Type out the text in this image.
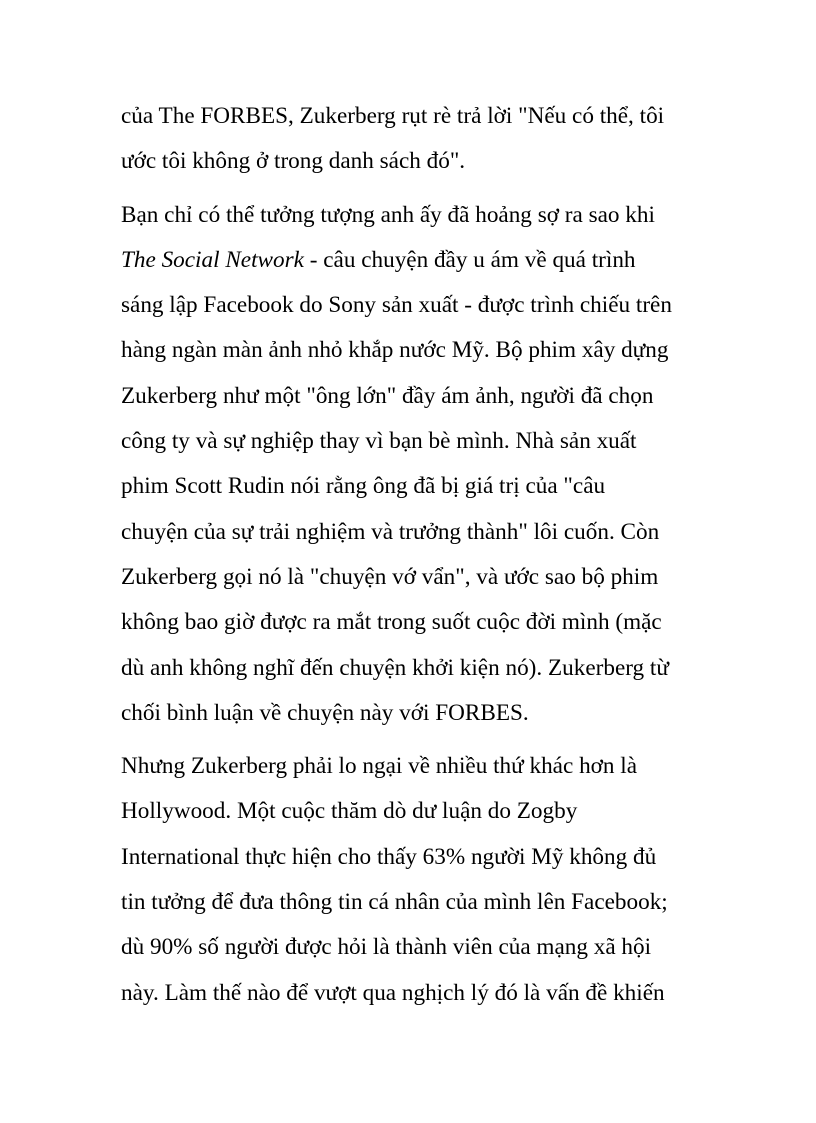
của The FORBES, Zukerberg rụt rè trả lời "Nếu có thể, tôi
ước tôi không ở trong danh sách đó".

Bạn chỉ có thể tưởng tượng anh ấy đã hoảng sợ ra sao khi
The Social Network - câu chuyện đầy u ám về quá trình
sáng lập Facebook do Sony sản xuất - được trình chiếu trên
hàng ngàn màn ảnh nhỏ khắp nước Mỹ. Bộ phim xây dựng
Zukerberg như một "ông lớn" đầy ám ảnh, người đã chọn
công ty và sự nghiệp thay vì bạn bè mình. Nhà sản xuất
phim Scott Rudin nói rằng ông đã bị giá trị của "câu
chuyện của sự trải nghiệm và trưởng thành" lôi cuốn. Còn
Zukerberg gọi nó là "chuyện vớ vẩn", và ước sao bộ phim
không bao giờ được ra mắt trong suốt cuộc đời mình (mặc
dù anh không nghĩ đến chuyện khởi kiện nó). Zukerberg từ
chối bình luận về chuyện này với FORBES.

Nhưng Zukerberg phải lo ngại về nhiều thứ khác hơn là
Hollywood. Một cuộc thăm dò dư luận do Zogby
International thực hiện cho thấy 63% người Mỹ không đủ
tin tưởng để đưa thông tin cá nhân của mình lên Facebook;
dù 90% số người được hỏi là thành viên của mạng xã hội
này. Làm thế nào để vượt qua nghịch lý đó là vấn đề khiến
